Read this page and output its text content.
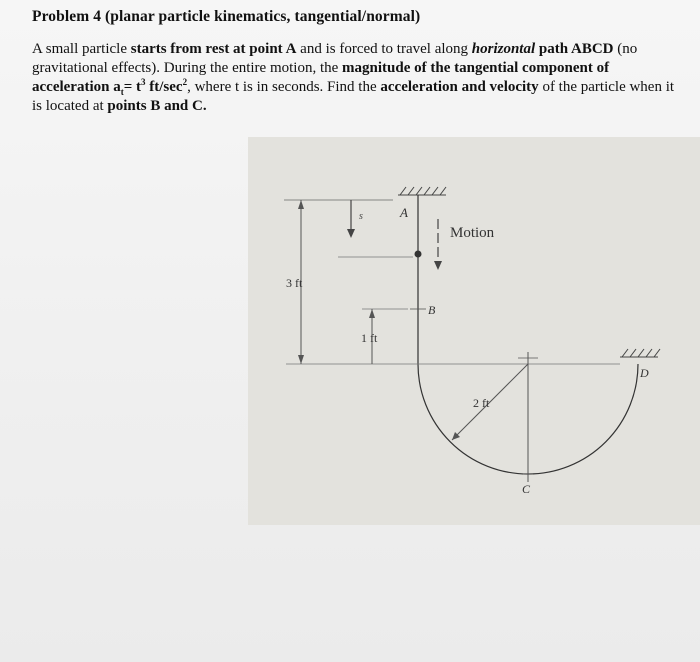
Problem 4 (planar particle kinematics, tangential/normal)
A small particle starts from rest at point A and is forced to travel along horizontal path ABCD (no gravitational effects). During the entire motion, the magnitude of the tangential component of acceleration $a_t= t^3$ $ft/\sec^2$, where t is in seconds. Find the acceleration and velocity of the particle when it is located at points B and C.
A
s
Motion
3 ft
B
1 ft
2 ft
D
C
